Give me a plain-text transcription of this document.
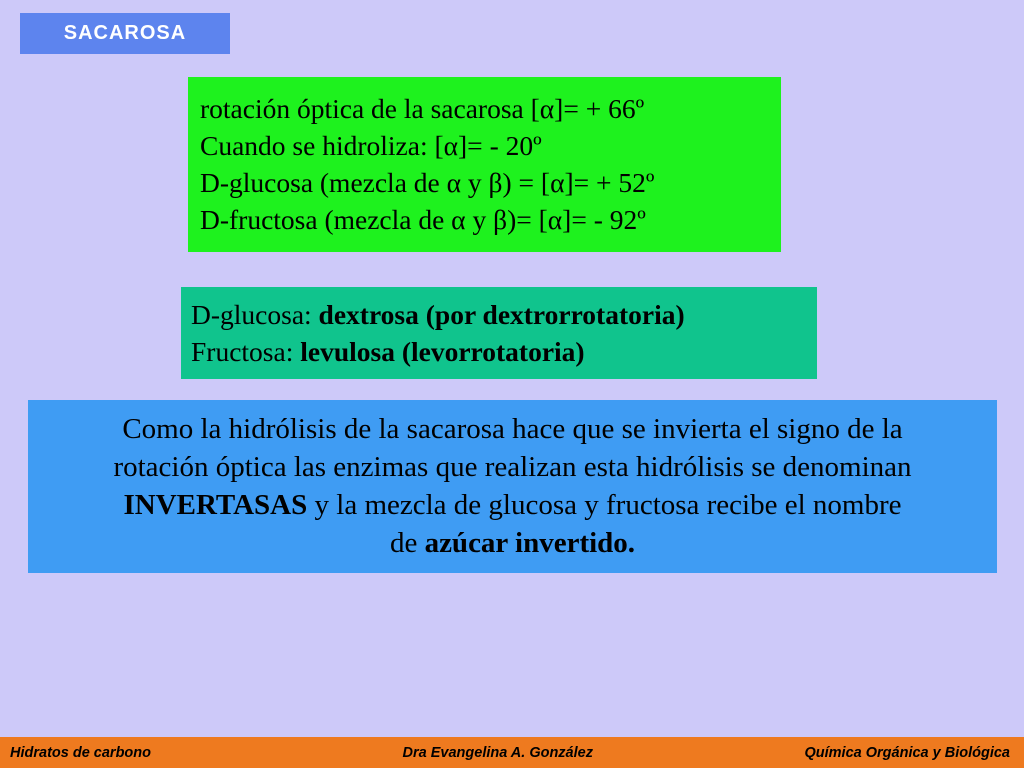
SACAROSA
rotación óptica de la sacarosa [α]= + 66º
Cuando se hidroliza: [α]= - 20º
D-glucosa (mezcla de α y β) = [α]= + 52º
D-fructosa (mezcla de α y β)= [α]= - 92º
D-glucosa: dextrosa (por dextrorrotatoria)
Fructosa: levulosa (levorrotatoria)
Como la hidrólisis de la sacarosa hace que se invierta el signo de la
rotación óptica las enzimas que realizan esta hidrólisis se denominan
INVERTASAS y la mezcla de glucosa y fructosa recibe el nombre
de azúcar invertido.
Hidratos de carbono	Dra Evangelina A. González	Química Orgánica y Biológica
